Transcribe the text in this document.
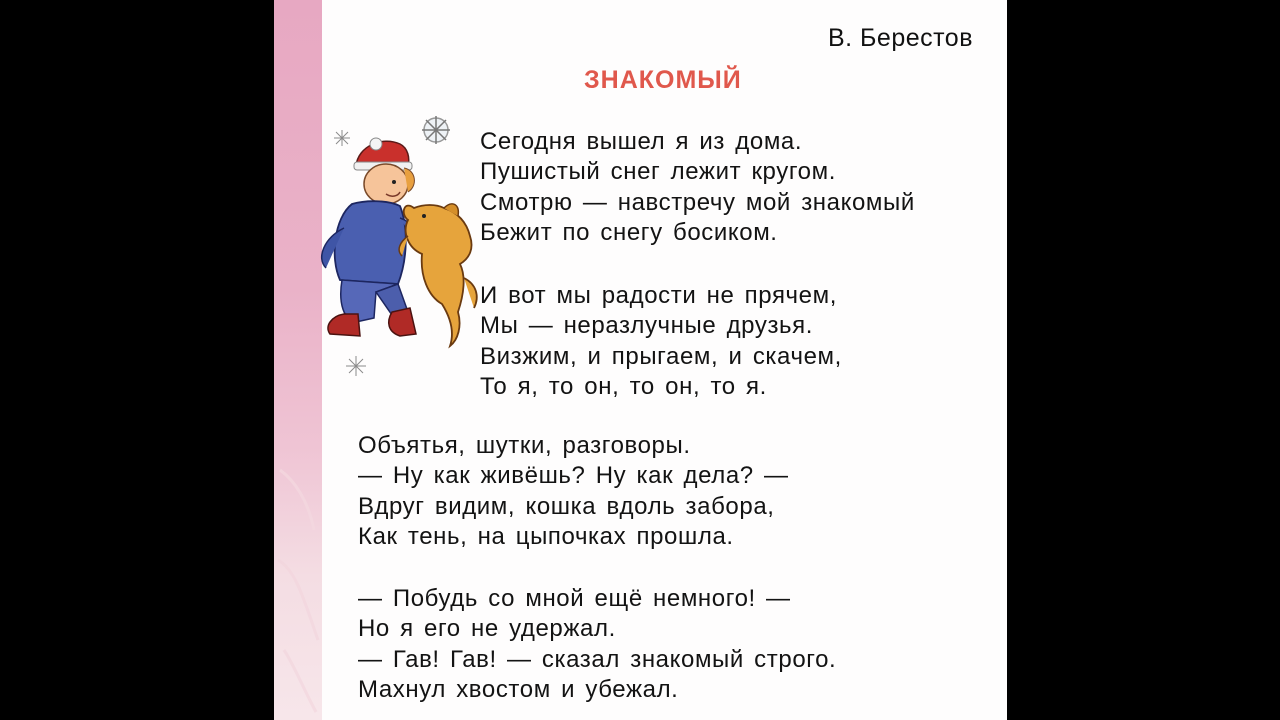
В. Берестов
ЗНАКОМЫЙ
Сегодня вышел я из дома.
Пушистый снег лежит кругом.
Смотрю — навстречу мой знакомый
Бежит по снегу босиком.
И вот мы радости не прячем,
Мы — неразлучные друзья.
Визжим, и прыгаем, и скачем,
То я, то он, то он, то я.
Объятья, шутки, разговоры.
— Ну как живёшь? Ну как дела? —
Вдруг видим, кошка вдоль забора,
Как тень, на цыпочках прошла.
— Побудь со мной ещё немного! —
Но я его не удержал.
— Гав! Гав! — сказал знакомый строго.
Махнул хвостом и убежал.
